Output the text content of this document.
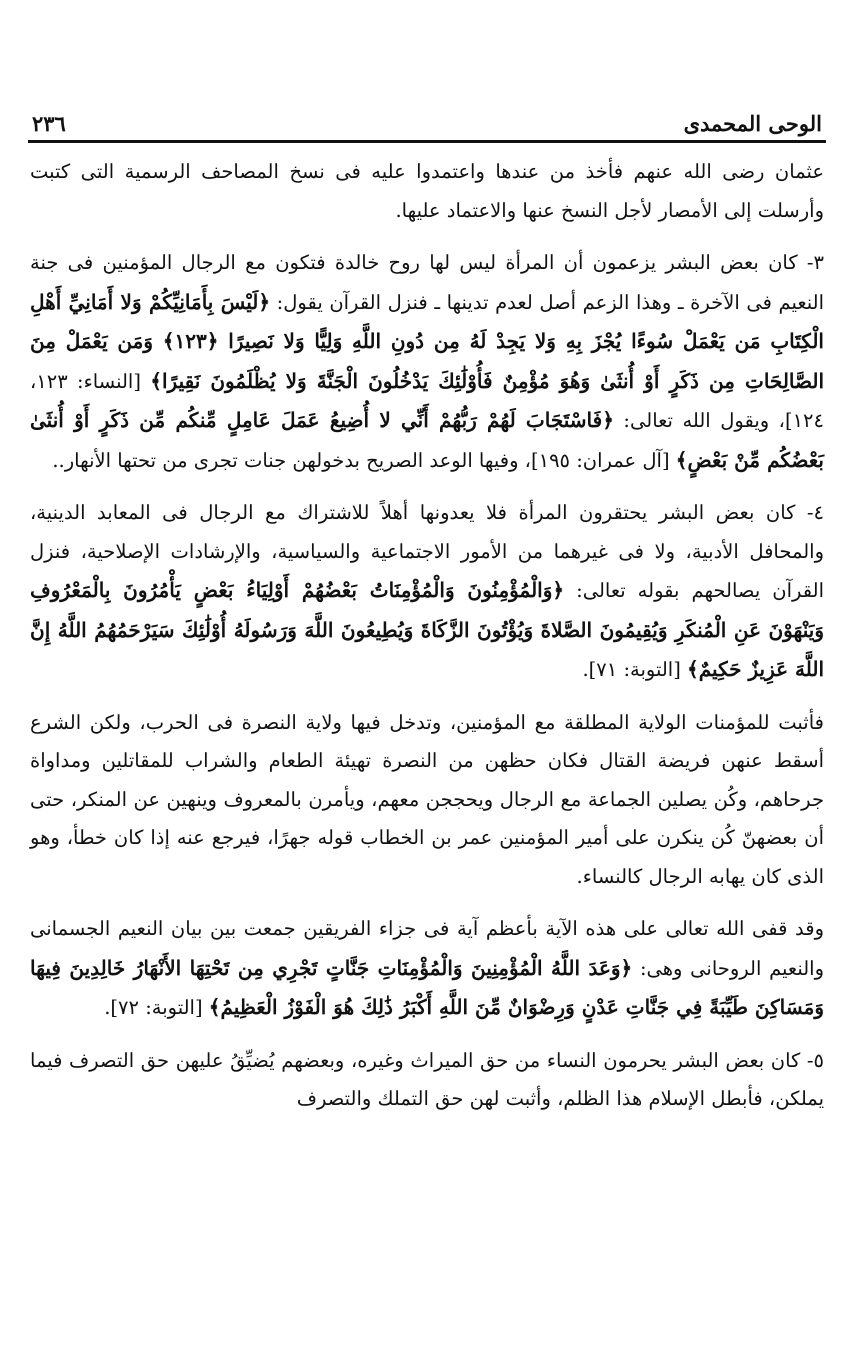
الوحى المحمدى
٢٣٦

عثمان رضى الله عنهم فأخذ من عندها واعتمدوا عليه فى نسخ المصاحف الرسمية التى كتبت وأرسلت إلى الأمصار لأجل النسخ عنها والاعتماد عليها.

٣- كان بعض البشر يزعمون أن المرأة ليس لها روح خالدة فتكون مع الرجال المؤمنين فى جنة النعيم فى الآخرة ـ وهذا الزعم أصل لعدم تدينها ـ فنزل القرآن يقول: ﴿لَيْسَ بِأَمَانِيِّكُمْ وَلا أَمَانِيِّ أَهْلِ الْكِتَابِ مَن يَعْمَلْ سُوءًا يُجْزَ بِهِ وَلا يَجِدْ لَهُ مِن دُونِ اللَّهِ وَلِيًّا وَلا نَصِيرًا ﴿١٢٣﴾ وَمَن يَعْمَلْ مِنَ الصَّالِحَاتِ مِن ذَكَرٍ أَوْ أُنثَىٰ وَهُوَ مُؤْمِنٌ فَأُوْلَٰئِكَ يَدْخُلُونَ الْجَنَّةَ وَلا يُظْلَمُونَ نَقِيرًا﴾ [النساء: ١٢٣، ١٢٤]، ويقول الله تعالى: ﴿فَاسْتَجَابَ لَهُمْ رَبُّهُمْ أَنِّي لا أُضِيعُ عَمَلَ عَامِلٍ مِّنكُم مِّن ذَكَرٍ أَوْ أُنثَىٰ بَعْضُكُم مِّنْ بَعْضٍ﴾ [آل عمران: ١٩٥]، وفيها الوعد الصريح بدخولهن جنات تجرى من تحتها الأنهار..

٤- كان بعض البشر يحتقرون المرأة فلا يعدونها أهلاً للاشتراك مع الرجال فى المعابد الدينية، والمحافل الأدبية، ولا فى غيرهما من الأمور الاجتماعية والسياسية، والإرشادات الإصلاحية، فنزل القرآن يصالحهم بقوله تعالى: ﴿وَالْمُؤْمِنُونَ وَالْمُؤْمِنَاتُ بَعْضُهُمْ أَوْلِيَاءُ بَعْضٍ يَأْمُرُونَ بِالْمَعْرُوفِ وَيَنْهَوْنَ عَنِ الْمُنكَرِ وَيُقِيمُونَ الصَّلاةَ وَيُؤْتُونَ الزَّكَاةَ وَيُطِيعُونَ اللَّهَ وَرَسُولَهُ أُوْلَٰئِكَ سَيَرْحَمُهُمُ اللَّهُ إِنَّ اللَّهَ عَزِيزٌ حَكِيمٌ﴾ [التوبة: ٧١].

فأثبت للمؤمنات الولاية المطلقة مع المؤمنين، وتدخل فيها ولاية النصرة فى الحرب، ولكن الشرع أسقط عنهن فريضة القتال فكان حظهن من النصرة تهيئة الطعام والشراب للمقاتلين ومداواة جرحاهم، وكُن يصلين الجماعة مع الرجال ويحججن معهم، ويأمرن بالمعروف وينهين عن المنكر، حتى أن بعضهنّ كُن ينكرن على أمير المؤمنين عمر بن الخطاب قوله جهرًا، فيرجع عنه إذا كان خطأ، وهو الذى كان يهابه الرجال كالنساء.

وقد قفى الله تعالى على هذه الآية بأعظم آية فى جزاء الفريقين جمعت بين بيان النعيم الجسمانى والنعيم الروحانى وهى: ﴿وَعَدَ اللَّهُ الْمُؤْمِنِينَ وَالْمُؤْمِنَاتِ جَنَّاتٍ تَجْرِي مِن تَحْتِهَا الأَنْهَارُ خَالِدِينَ فِيهَا وَمَسَاكِنَ طَيِّبَةً فِي جَنَّاتِ عَدْنٍ وَرِضْوَانٌ مِّنَ اللَّهِ أَكْبَرُ ذَٰلِكَ هُوَ الْفَوْزُ الْعَظِيمُ﴾ [التوبة: ٧٢].

٥- كان بعض البشر يحرمون النساء من حق الميراث وغيره، وبعضهم يُضيِّقُ عليهن حق التصرف فيما يملكن، فأبطل الإسلام هذا الظلم، وأثبت لهن حق التملك والتصرف
